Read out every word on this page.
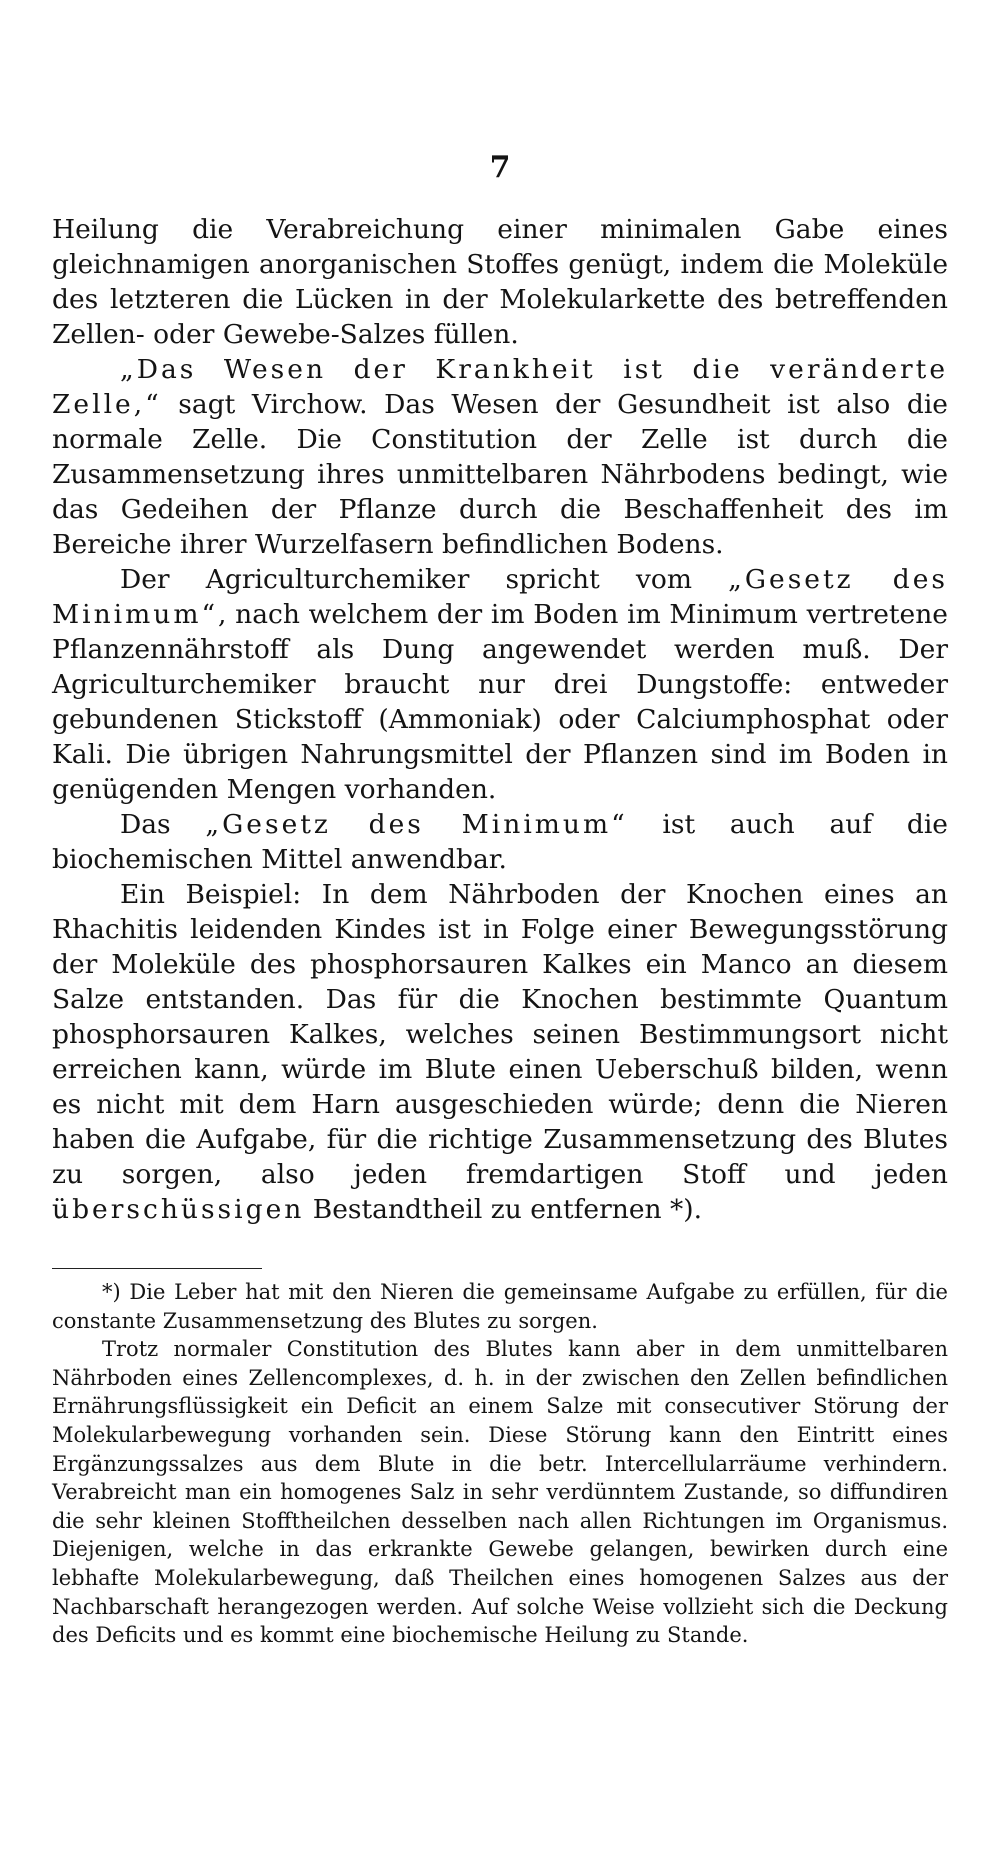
7

Heilung die Verabreichung einer minimalen Gabe eines gleichnamigen anorganischen Stoffes genügt, indem die Moleküle des letzteren die Lücken in der Molekularkette des betreffenden Zellen- oder Gewebe-Salzes füllen.

„Das Wesen der Krankheit ist die veränderte Zelle,“ sagt Virchow. Das Wesen der Gesundheit ist also die normale Zelle. Die Constitution der Zelle ist durch die Zusammensetzung ihres unmittelbaren Nährbodens bedingt, wie das Gedeihen der Pflanze durch die Beschaffenheit des im Bereiche ihrer Wurzelfasern befindlichen Bodens.

Der Agriculturchemiker spricht vom „Gesetz des Minimum“, nach welchem der im Boden im Minimum vertretene Pflanzennährstoff als Dung angewendet werden muß. Der Agriculturchemiker braucht nur drei Dungstoffe: entweder gebundenen Stickstoff (Ammoniak) oder Calciumphosphat oder Kali. Die übrigen Nahrungsmittel der Pflanzen sind im Boden in genügenden Mengen vorhanden.

Das „Gesetz des Minimum“ ist auch auf die biochemischen Mittel anwendbar.

Ein Beispiel: In dem Nährboden der Knochen eines an Rhachitis leidenden Kindes ist in Folge einer Bewegungsstörung der Moleküle des phosphorsauren Kalkes ein Manco an diesem Salze entstanden. Das für die Knochen bestimmte Quantum phosphorsauren Kalkes, welches seinen Bestimmungsort nicht erreichen kann, würde im Blute einen Ueberschuß bilden, wenn es nicht mit dem Harn ausgeschieden würde; denn die Nieren haben die Aufgabe, für die richtige Zusammensetzung des Blutes zu sorgen, also jeden fremdartigen Stoff und jeden überschüssigen Bestandtheil zu entfernen *).

*) Die Leber hat mit den Nieren die gemeinsame Aufgabe zu erfüllen, für die constante Zusammensetzung des Blutes zu sorgen.

Trotz normaler Constitution des Blutes kann aber in dem unmittelbaren Nährboden eines Zellencomplexes, d. h. in der zwischen den Zellen befindlichen Ernährungsflüssigkeit ein Deficit an einem Salze mit consecutiver Störung der Molekularbewegung vorhanden sein. Diese Störung kann den Eintritt eines Ergänzungssalzes aus dem Blute in die betr. Intercellularräume verhindern. Verabreicht man ein homogenes Salz in sehr verdünntem Zustande, so diffundiren die sehr kleinen Stofftheilchen desselben nach allen Richtungen im Organismus. Diejenigen, welche in das erkrankte Gewebe gelangen, bewirken durch eine lebhafte Molekularbewegung, daß Theilchen eines homogenen Salzes aus der Nachbarschaft herangezogen werden. Auf solche Weise vollzieht sich die Deckung des Deficits und es kommt eine biochemische Heilung zu Stande.
